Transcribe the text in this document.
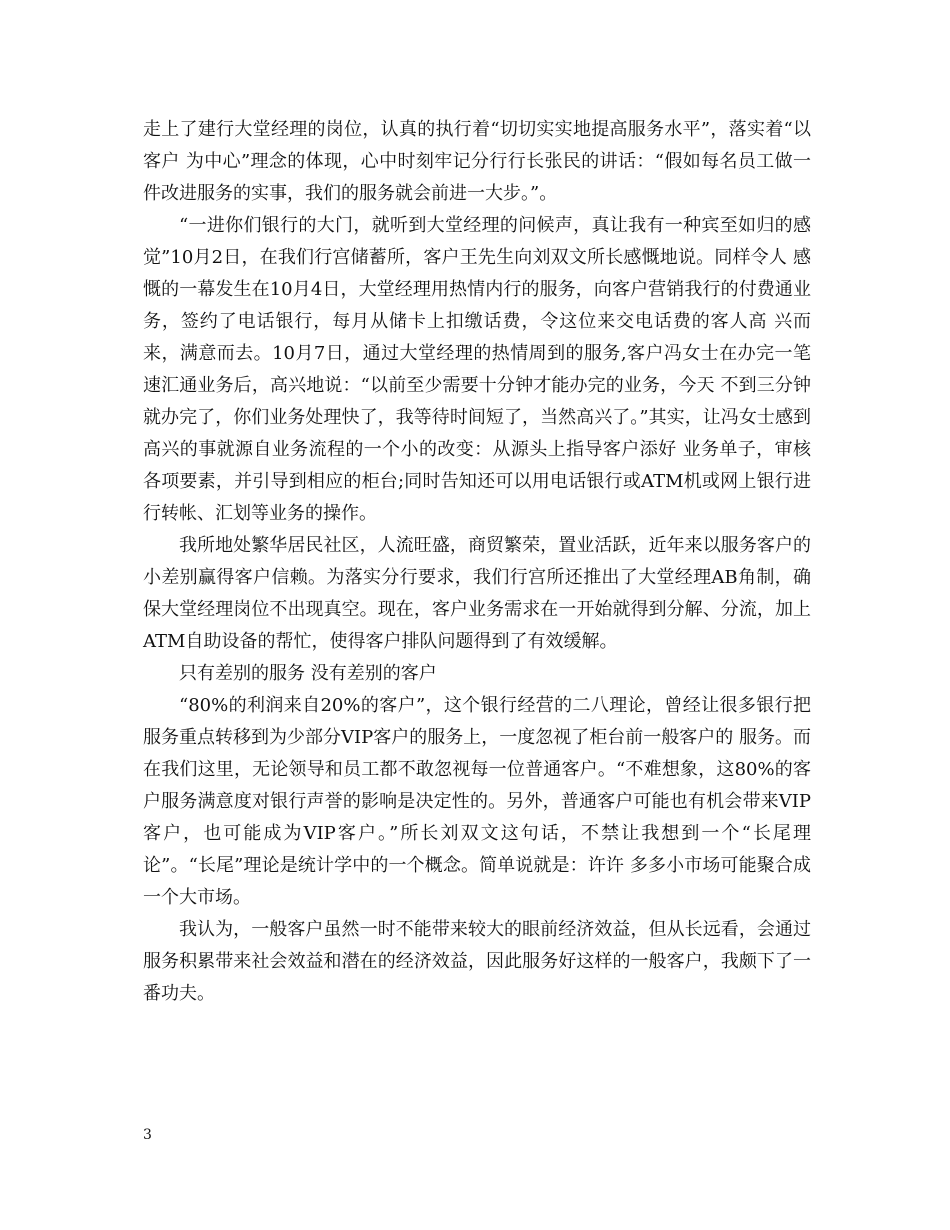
走上了建行大堂经理的岗位，认真的执行着“切切实实地提高服务水平”，落实着“以客户 为中心”理念的体现，心中时刻牢记分行行长张民的讲话：“假如每名员工做一件改进服务的实事，我们的服务就会前进一大步。”。

“一进你们银行的大门，就听到大堂经理的问候声，真让我有一种宾至如归的感觉”10月2日，在我们行宫储蓄所，客户王先生向刘双文所长感慨地说。同样令人 感慨的一幕发生在10月4日，大堂经理用热情内行的服务，向客户营销我行的付费通业务，签约了电话银行，每月从储卡上扣缴话费，令这位来交电话费的客人高 兴而来，满意而去。10月7日，通过大堂经理的热情周到的服务,客户冯女士在办完一笔速汇通业务后，高兴地说：“以前至少需要十分钟才能办完的业务，今天 不到三分钟就办完了，你们业务处理快了，我等待时间短了，当然高兴了。”其实，让冯女士感到高兴的事就源自业务流程的一个小的改变：从源头上指导客户添好 业务单子，审核各项要素，并引导到相应的柜台;同时告知还可以用电话银行或ATM机或网上银行进行转帐、汇划等业务的操作。

我所地处繁华居民社区，人流旺盛，商贸繁荣，置业活跃，近年来以服务客户的小差别赢得客户信赖。为落实分行要求，我们行宫所还推出了大堂经理AB角制，确 保大堂经理岗位不出现真空。现在，客户业务需求在一开始就得到分解、分流，加上ATM自助设备的帮忙，使得客户排队问题得到了有效缓解。

只有差别的服务 没有差别的客户

“80%的利润来自20%的客户”，这个银行经营的二八理论，曾经让很多银行把服务重点转移到为少部分VIP客户的服务上，一度忽视了柜台前一般客户的 服务。而在我们这里，无论领导和员工都不敢忽视每一位普通客户。“不难想象，这80%的客户服务满意度对银行声誉的影响是决定性的。另外，普通客户可能也有机会带来VIP客户，也可能成为VIP客户。”所长刘双文这句话，不禁让我想到一个“长尾理论”。“长尾”理论是统计学中的一个概念。简单说就是：许许 多多小市场可能聚合成一个大市场。

我认为，一般客户虽然一时不能带来较大的眼前经济效益，但从长远看，会通过服务积累带来社会效益和潜在的经济效益，因此服务好这样的一般客户，我颇下了一番功夫。

3
